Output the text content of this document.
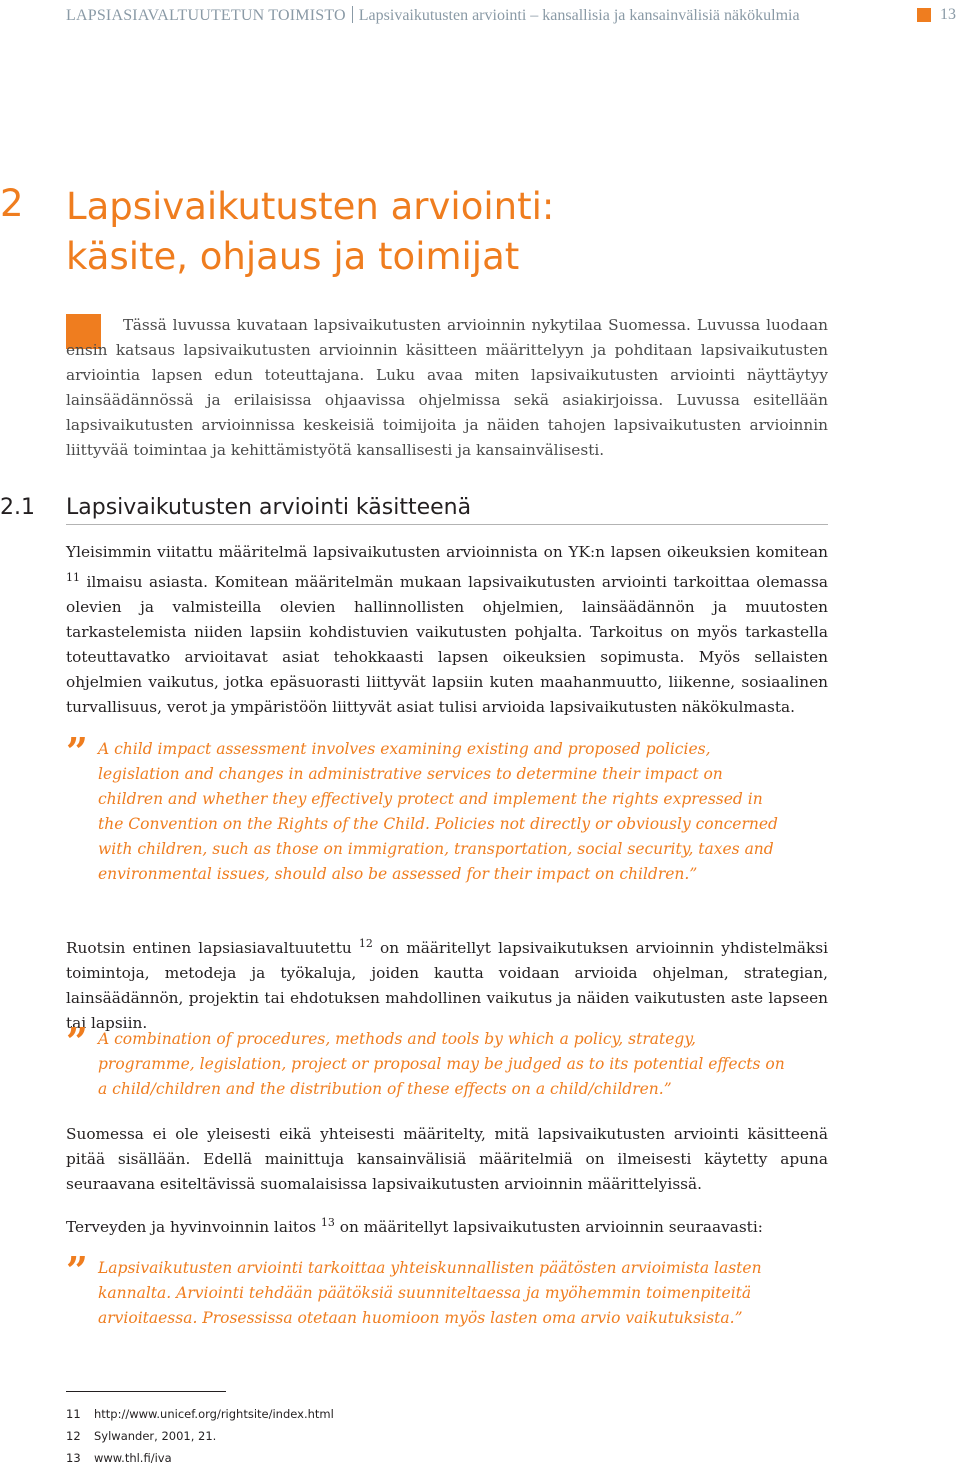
LAPSIASIAVALTUUTETUN TOIMISTO Lapsivaikutusten arviointi – kansallisia ja kansainvälisiä näkökulmia	13
2 Lapsivaikutusten arviointi:
käsite, ohjaus ja toimijat

Tässä luvussa kuvataan lapsivaikutusten arvioinnin nykytilaa Suomessa. Luvussa luodaan ensin katsaus lapsivaikutusten arvioinnin käsitteen määrittelyyn ja pohditaan lapsivaikutusten arviointia lapsen edun toteuttajana. Luku avaa miten lapsivaikutusten arviointi näyttäytyy lainsäädännössä ja erilaisissa ohjaavissa ohjelmissa sekä asiakirjoissa. Luvussa esitellään lapsivaikutusten arvioinnissa keskeisiä toimijoita ja näiden tahojen lapsivaikutusten arvioinnin liittyvää toimintaa ja kehittämistyötä kansallisesti ja kansainvälisesti.

2.1 Lapsivaikutusten arviointi käsitteenä

Yleisimmin viitattu määritelmä lapsivaikutusten arvioinnista on YK:n lapsen oikeuksien komitean $^{11}$ ilmaisu asiasta. Komitean määritelmän mukaan lapsivaikutusten arviointi tarkoittaa olemassa olevien ja valmisteilla olevien hallinnollisten ohjelmien, lainsäädännön ja muutosten tarkastelemista niiden lapsiin kohdistuvien vaikutusten pohjalta. Tarkoitus on myös tarkastella toteuttavatko arvioitavat asiat tehokkaasti lapsen oikeuksien sopimusta. Myös sellaisten ohjelmien vaikutus, jotka epäsuorasti liittyvät lapsiin kuten maahanmuutto, liikenne, sosiaalinen turvallisuus, verot ja ympäristöön liittyvät asiat tulisi arvioida lapsivaikutusten näkökulmasta.

” A child impact assessment involves examining existing and proposed policies, legislation and changes in administrative services to determine their impact on children and whether they effectively protect and implement the rights expressed in the Convention on the Rights of the Child. Policies not directly or obviously concerned with children, such as those on immigration, transportation, social security, taxes and environmental issues, should also be assessed for their impact on children.”

Ruotsin entinen lapsiasiavaltuutettu $^{12}$ on määritellyt lapsivaikutuksen arvioinnin yhdistelmäksi toimintoja, metodeja ja työkaluja, joiden kautta voidaan arvioida ohjelman, strategian, lainsäädännön, projektin tai ehdotuksen mahdollinen vaikutus ja näiden vaikutusten aste lapseen tai lapsiin.

” A combination of procedures, methods and tools by which a policy, strategy, programme, legislation, project or proposal may be judged as to its potential effects on a child/children and the distribution of these effects on a child/children.”

Suomessa ei ole yleisesti eikä yhteisesti määritelty, mitä lapsivaikutusten arviointi käsitteenä pitää sisällään. Edellä mainittuja kansainvälisiä määritelmiä on ilmeisesti käytetty apuna seuraavana esiteltävissä suomalaisissa lapsivaikutusten arvioinnin määrittelyissä.

Terveyden ja hyvinvoinnin laitos $^{13}$ on määritellyt lapsivaikutusten arvioinnin seuraavasti:

” Lapsivaikutusten arviointi tarkoittaa yhteiskunnallisten päätösten arvioimista lasten kannalta. Arviointi tehdään päätöksiä suunniteltaessa ja myöhemmin toimenpiteitä arvioitaessa. Prosessissa otetaan huomioon myös lasten oma arvio vaikutuksista.”

11 http://www.unicef.org/rightsite/index.html
12 Sylwander, 2001, 21.
13 www.thl.fi/iva
